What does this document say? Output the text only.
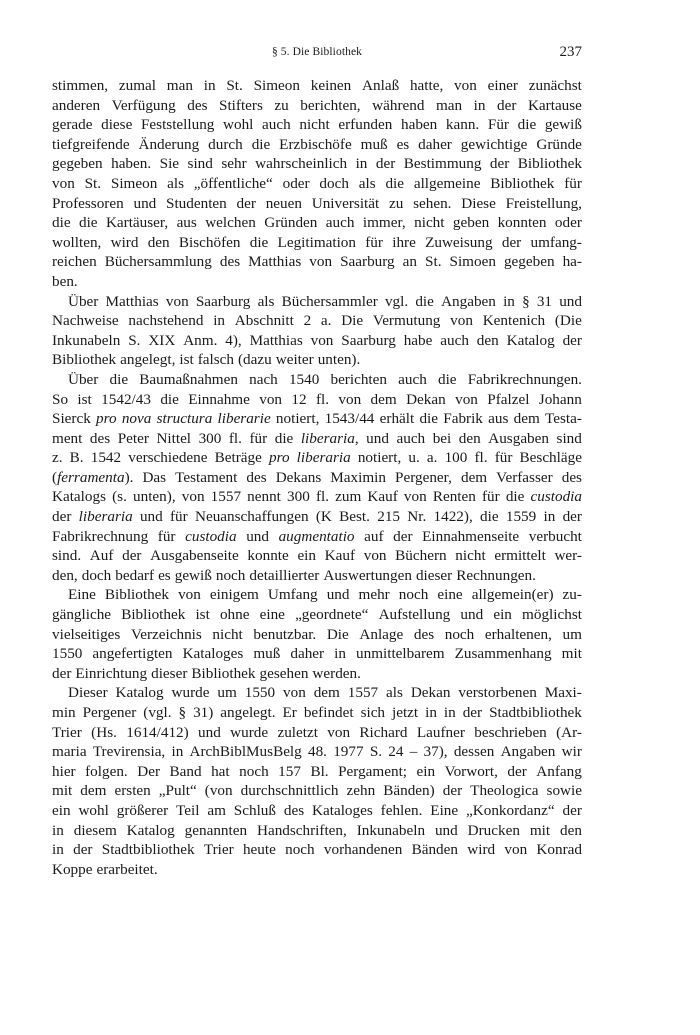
§ 5. Die Bibliothek	237
stimmen, zumal man in St. Simeon keinen Anlaß hatte, von einer zunächst
anderen Verfügung des Stifters zu berichten, während man in der Kartause
gerade diese Feststellung wohl auch nicht erfunden haben kann. Für die gewiß
tiefgreifende Änderung durch die Erzbischöfe muß es daher gewichtige Gründe
gegeben haben. Sie sind sehr wahrscheinlich in der Bestimmung der Bibliothek
von St. Simeon als „öffentliche“ oder doch als die allgemeine Bibliothek für
Professoren und Studenten der neuen Universität zu sehen. Diese Freistellung,
die die Kartäuser, aus welchen Gründen auch immer, nicht geben konnten oder
wollten, wird den Bischöfen die Legitimation für ihre Zuweisung der umfang-
reichen Büchersammlung des Matthias von Saarburg an St. Simoen gegeben ha-
ben.
Über Matthias von Saarburg als Büchersammler vgl. die Angaben in § 31 und
Nachweise nachstehend in Abschnitt 2 a. Die Vermutung von Kentenich (Die
Inkunabeln S. XIX Anm. 4), Matthias von Saarburg habe auch den Katalog der
Bibliothek angelegt, ist falsch (dazu weiter unten).
Über die Baumaßnahmen nach 1540 berichten auch die Fabrikrechnungen.
So ist 1542/43 die Einnahme von 12 fl. von dem Dekan von Pfalzel Johann
Sierck pro nova structura liberarie notiert, 1543/44 erhält die Fabrik aus dem Testa-
ment des Peter Nittel 300 fl. für die liberaria, und auch bei den Ausgaben sind
z. B. 1542 verschiedene Beträge pro liberaria notiert, u. a. 100 fl. für Beschläge
(ferramenta). Das Testament des Dekans Maximin Pergener, dem Verfasser des
Katalogs (s. unten), von 1557 nennt 300 fl. zum Kauf von Renten für die custodia
der liberaria und für Neuanschaffungen (K Best. 215 Nr. 1422), die 1559 in der
Fabrikrechnung für custodia und augmentatio auf der Einnahmenseite verbucht
sind. Auf der Ausgabenseite konnte ein Kauf von Büchern nicht ermittelt wer-
den, doch bedarf es gewiß noch detaillierter Auswertungen dieser Rechnungen.
Eine Bibliothek von einigem Umfang und mehr noch eine allgemein(er) zu-
gängliche Bibliothek ist ohne eine „geordnete“ Aufstellung und ein möglichst
vielseitiges Verzeichnis nicht benutzbar. Die Anlage des noch erhaltenen, um
1550 angefertigten Kataloges muß daher in unmittelbarem Zusammenhang mit
der Einrichtung dieser Bibliothek gesehen werden.
Dieser Katalog wurde um 1550 von dem 1557 als Dekan verstorbenen Maxi-
min Pergener (vgl. § 31) angelegt. Er befindet sich jetzt in in der Stadtbibliothek
Trier (Hs. 1614/412) und wurde zuletzt von Richard Laufner beschrieben (Ar-
maria Trevirensia, in ArchBiblMusBelg 48. 1977 S. 24 – 37), dessen Angaben wir
hier folgen. Der Band hat noch 157 Bl. Pergament; ein Vorwort, der Anfang
mit dem ersten „Pult“ (von durchschnittlich zehn Bänden) der Theologica sowie
ein wohl größerer Teil am Schluß des Kataloges fehlen. Eine „Konkordanz“ der
in diesem Katalog genannten Handschriften, Inkunabeln und Drucken mit den
in der Stadtbibliothek Trier heute noch vorhandenen Bänden wird von Konrad
Koppe erarbeitet.
